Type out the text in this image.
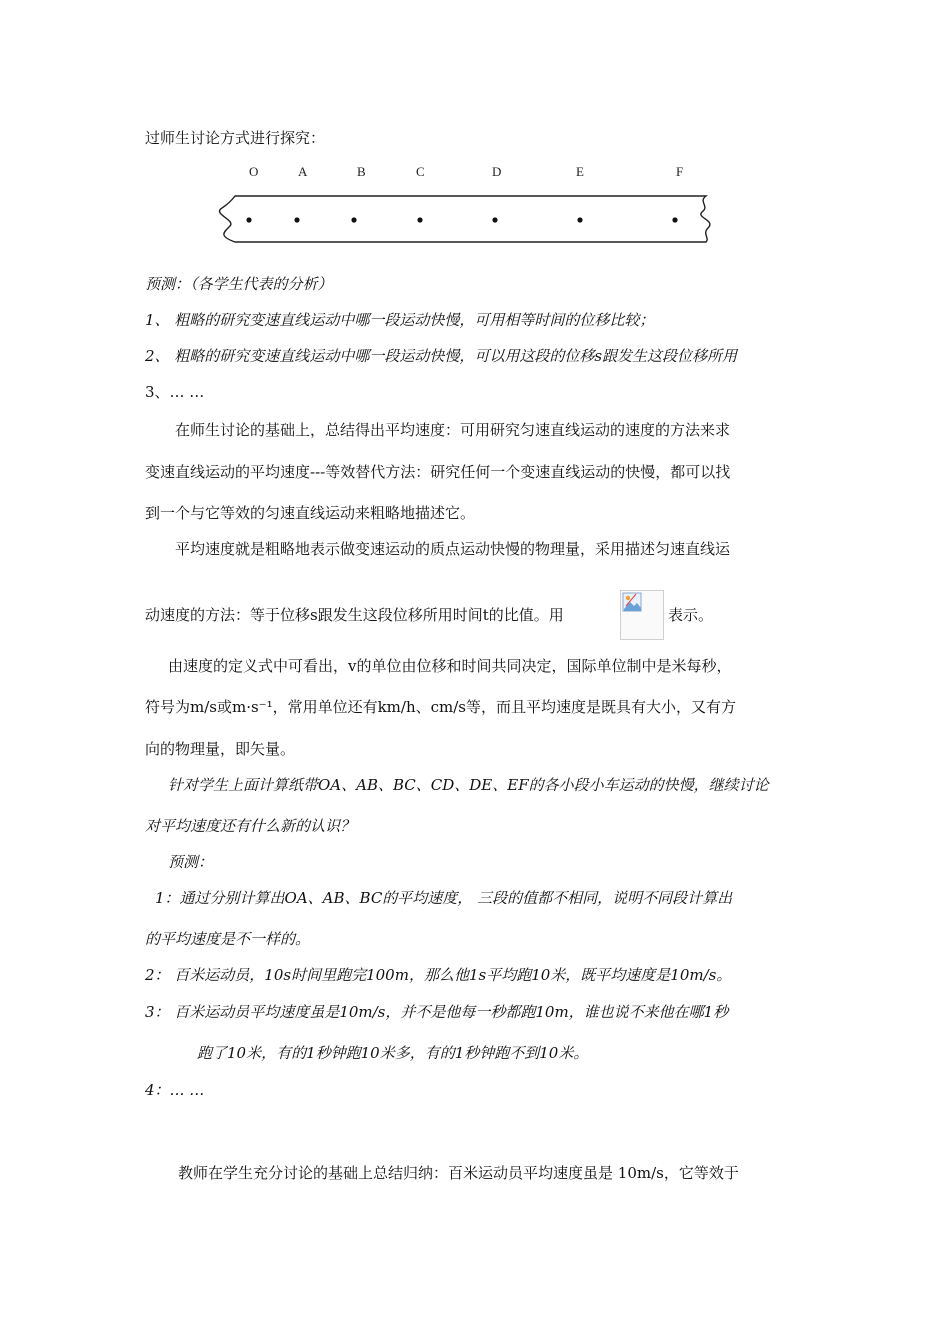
过师生讨论方式进行探究：
O	A	B	C	D	E	F
预测：（各学生代表的分析）
1、 粗略的研究变速直线运动中哪一段运动快慢，可用相等时间的位移比较；
2、 粗略的研究变速直线运动中哪一段运动快慢，可以用这段的位移s跟发生这段位移所用
3、… …
在师生讨论的基础上，总结得出平均速度：可用研究匀速直线运动的速度的方法来求
变速直线运动的平均速度---等效替代方法：研究任何一个变速直线运动的快慢，都可以找
到一个与它等效的匀速直线运动来粗略地描述它。
平均速度就是粗略地表示做变速运动的质点运动快慢的物理量，采用描述匀速直线运
动速度的方法：等于位移s跟发生这段位移所用时间t的比值。用	表示。
由速度的定义式中可看出，v的单位由位移和时间共同决定，国际单位制中是米每秒，
符号为m/s或m·s⁻¹，常用单位还有km/h、cm/s等，而且平均速度是既具有大小，又有方
向的物理量，即矢量。
针对学生上面计算纸带OA、AB、BC、CD、DE、EF的各小段小车运动的快慢，继续讨论
对平均速度还有什么新的认识？
预测：
1：通过分别计算出OA、AB、BC的平均速度， 三段的值都不相同，说明不同段计算出
的平均速度是不一样的。
2： 百米运动员，10s时间里跑完100m，那么他1s平均跑10米，既平均速度是10m/s。
3： 百米运动员平均速度虽是10m/s，并不是他每一秒都跑10m，谁也说不来他在哪1秒
跑了10米，有的1秒钟跑10米多，有的1秒钟跑不到10米。
4：… …
教师在学生充分讨论的基础上总结归纳：百米运动员平均速度虽是 10m/s，它等效于
